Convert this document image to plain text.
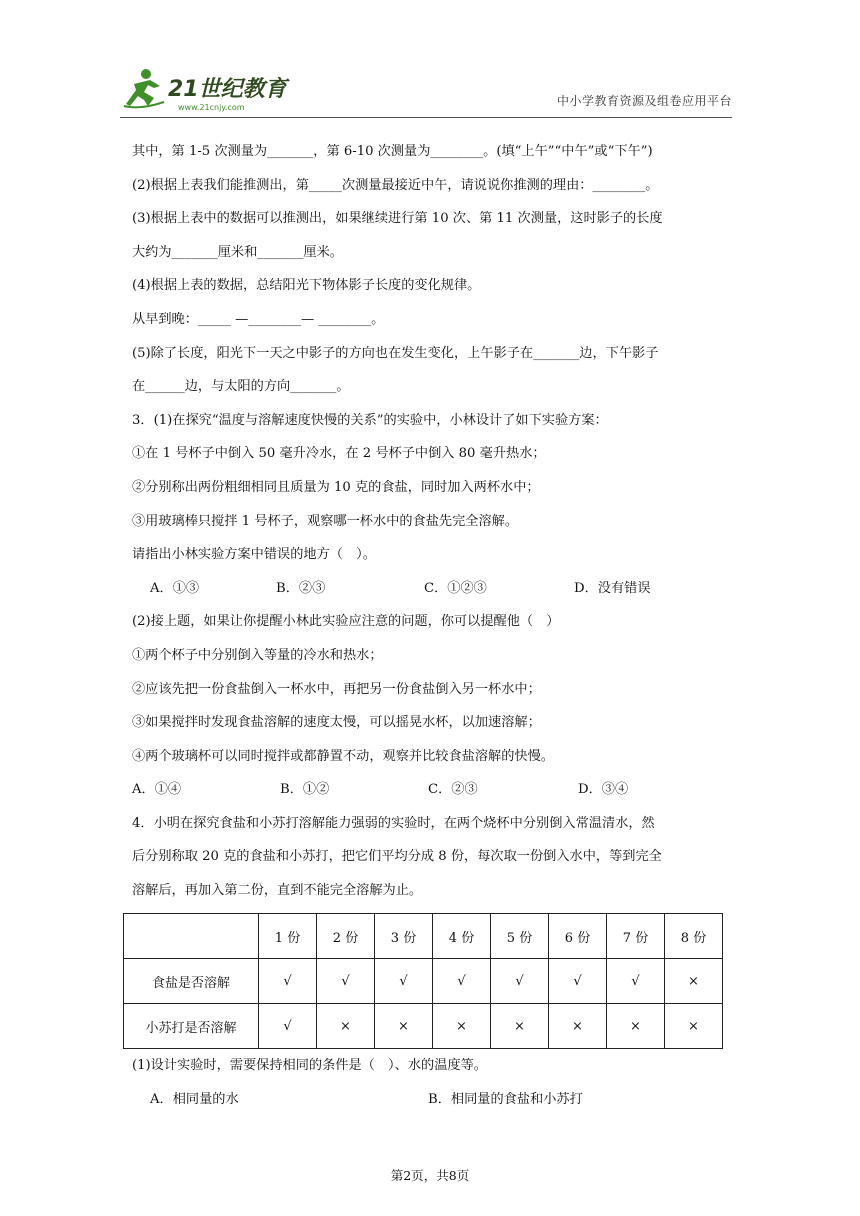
21世纪教育
www.21cnjy.com	中小学教育资源及组卷应用平台
其中，第 1-5 次测量为_______，第 6-10 次测量为________。(填“上午”“中午”或“下午”)
(2)根据上表我们能推测出，第_____次测量最接近中午，请说说你推测的理由：________。
(3)根据上表中的数据可以推测出，如果继续进行第 10 次、第 11 次测量，这时影子的长度
大约为_______厘米和_______厘米。
(4)根据上表的数据，总结阳光下物体影子长度的变化规律。
从早到晚：_____ —________— ________。
(5)除了长度，阳光下一天之中影子的方向也在发生变化，上午影子在_______边，下午影子
在______边，与太阳的方向_______。
3．(1)在探究“温度与溶解速度快慢的关系”的实验中，小林设计了如下实验方案：
①在 1 号杯子中倒入 50 毫升冷水，在 2 号杯子中倒入 80 毫升热水；
②分别称出两份粗细相同且质量为 10 克的食盐，同时加入两杯水中；
③用玻璃棒只搅拌 1 号杯子，观察哪一杯水中的食盐先完全溶解。
请指出小林实验方案中错误的地方（　）。
A．①③	B．②③	C．①②③	D．没有错误
(2)接上题，如果让你提醒小林此实验应注意的问题，你可以提醒他（　）
①两个杯子中分别倒入等量的冷水和热水；
②应该先把一份食盐倒入一杯水中，再把另一份食盐倒入另一杯水中；
③如果搅拌时发现食盐溶解的速度太慢，可以摇晃水杯，以加速溶解；
④两个玻璃杯可以同时搅拌或都静置不动，观察并比较食盐溶解的快慢。
A．①④	B．①②	C．②③	D．③④
4．小明在探究食盐和小苏打溶解能力强弱的实验时，在两个烧杯中分别倒入常温清水，然
后分别称取 20 克的食盐和小苏打，把它们平均分成 8 份，每次取一份倒入水中，等到完全
溶解后，再加入第二份，直到不能完全溶解为止。
	1 份	2 份	3 份	4 份	5 份	6 份	7 份	8 份
食盐是否溶解	√	√	√	√	√	√	√	×
小苏打是否溶解	√	×	×	×	×	×	×	×
(1)设计实验时，需要保持相同的条件是（　）、水的温度等。
A．相同量的水	B．相同量的食盐和小苏打
第2页，共8页
